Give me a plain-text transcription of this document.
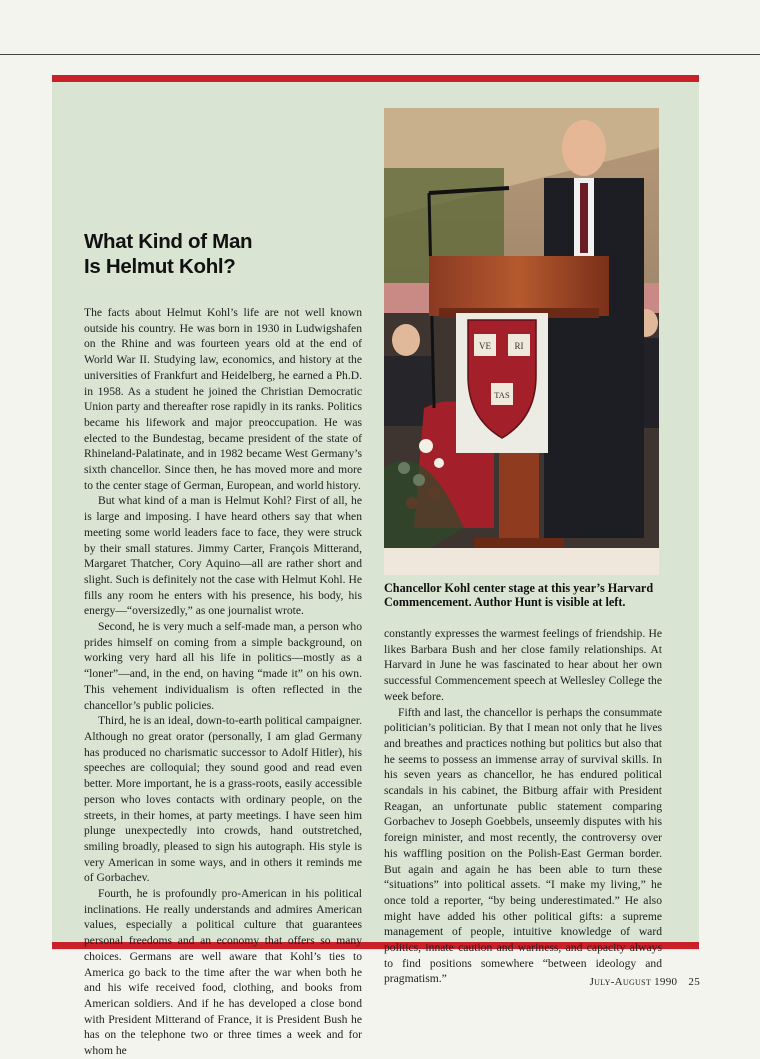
What Kind of Man
Is Helmut Kohl?

The facts about Helmut Kohl’s life are not well known outside his country. He was born in 1930 in Ludwigshafen on the Rhine and was fourteen years old at the end of World War II. Studying law, economics, and history at the universities of Frankfurt and Heidelberg, he earned a Ph.D. in 1958. As a student he joined the Christian Democratic Union party and thereafter rose rapidly in its ranks. Politics became his lifework and major preoccupation. He was elected to the Bundestag, became president of the state of Rhineland-Palatinate, and in 1982 became West Germany’s sixth chancellor. Since then, he has moved more and more to the center stage of German, European, and world history.

But what kind of a man is Helmut Kohl? First of all, he is large and imposing. I have heard others say that when meeting some world leaders face to face, they were struck by their small statures. Jimmy Carter, François Mitterand, Margaret Thatcher, Cory Aquino—all are rather short and slight. Such is definitely not the case with Helmut Kohl. He fills any room he enters with his presence, his body, his energy—“oversizedly,” as one journalist wrote.

Second, he is very much a self-made man, a person who prides himself on coming from a simple background, on working very hard all his life in politics—mostly as a “loner”—and, in the end, on having “made it” on his own. This vehement individualism is often reflected in the chancellor’s public policies.

Third, he is an ideal, down-to-earth political campaigner. Although no great orator (personally, I am glad Germany has produced no charismatic successor to Adolf Hitler), his speeches are colloquial; they sound good and read even better. More important, he is a grass-roots, easily accessible person who loves contacts with ordinary people, on the streets, in their homes, at party meetings. I have seen him plunge unexpectedly into crowds, hand outstretched, smiling broadly, pleased to sign his autograph. His style is very American in some ways, and in others it reminds me of Gorbachev.

Fourth, he is profoundly pro-American in his political inclinations. He really understands and admires American values, especially a political culture that guarantees personal freedoms and an economy that offers so many choices. Germans are well aware that Kohl’s ties to America go back to the time after the war when both he and his wife received food, clothing, and books from American soldiers. And if he has developed a close bond with President Mitterand of France, it is President Bush he has on the telephone two or three times a week and for whom he

VE	RI
TAS

Chancellor Kohl center stage at this year’s Harvard Commencement. Author Hunt is visible at left.

constantly expresses the warmest feelings of friendship. He likes Barbara Bush and her close family relationships. At Harvard in June he was fascinated to hear about her own successful Commencement speech at Wellesley College the week before.

Fifth and last, the chancellor is perhaps the consummate politician’s politician. By that I mean not only that he lives and breathes and practices nothing but politics but also that he seems to possess an immense array of survival skills. In his seven years as chancellor, he has endured political scandals in his cabinet, the Bitburg affair with President Reagan, an unfortunate public statement comparing Gorbachev to Joseph Goebbels, unseemly disputes with his foreign minister, and most recently, the controversy over his waffling position on the Polish-East German border. But again and again he has been able to turn these “situations” into political assets. “I make my living,” he once told a reporter, “by being underestimated.” He also might have added his other political gifts: a supreme management of people, intuitive knowledge of ward politics, innate caution and wariness, and capacity always to find positions somewhere “between ideology and pragmatism.”	July-August 1990 25
